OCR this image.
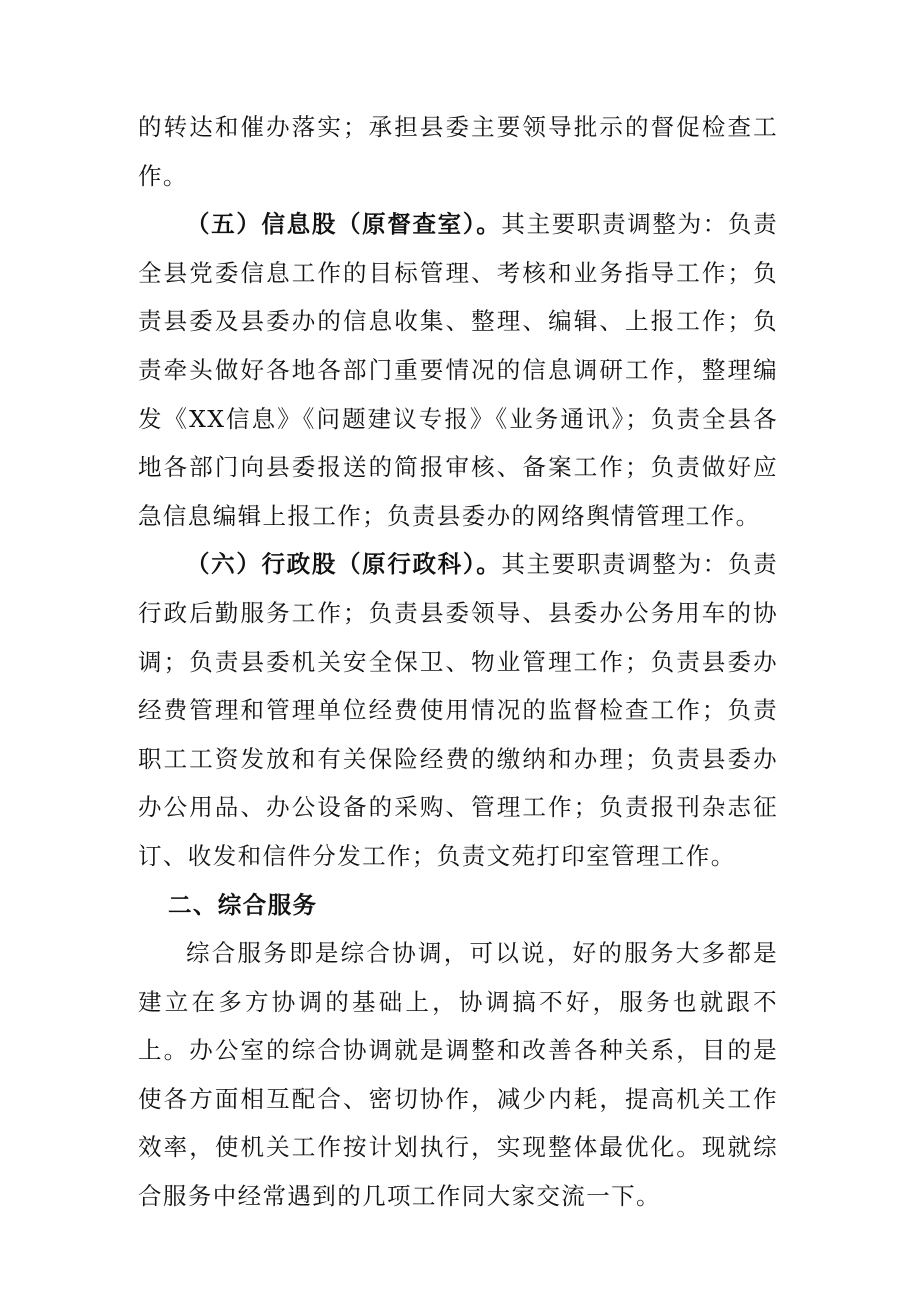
的转达和催办落实；承担县委主要领导批示的督促检查工作。

（五）信息股（原督查室）。其主要职责调整为：负责全县党委信息工作的目标管理、考核和业务指导工作；负责县委及县委办的信息收集、整理、编辑、上报工作；负责牵头做好各地各部门重要情况的信息调研工作，整理编发《XX信息》《问题建议专报》《业务通讯》；负责全县各地各部门向县委报送的简报审核、备案工作；负责做好应急信息编辑上报工作；负责县委办的网络舆情管理工作。

（六）行政股（原行政科）。其主要职责调整为：负责行政后勤服务工作；负责县委领导、县委办公务用车的协调；负责县委机关安全保卫、物业管理工作；负责县委办经费管理和管理单位经费使用情况的监督检查工作；负责职工工资发放和有关保险经费的缴纳和办理；负责县委办办公用品、办公设备的采购、管理工作；负责报刊杂志征订、收发和信件分发工作；负责文苑打印室管理工作。

二、综合服务

综合服务即是综合协调，可以说，好的服务大多都是建立在多方协调的基础上，协调搞不好，服务也就跟不上。办公室的综合协调就是调整和改善各种关系，目的是使各方面相互配合、密切协作，减少内耗，提高机关工作效率，使机关工作按计划执行，实现整体最优化。现就综合服务中经常遇到的几项工作同大家交流一下。
